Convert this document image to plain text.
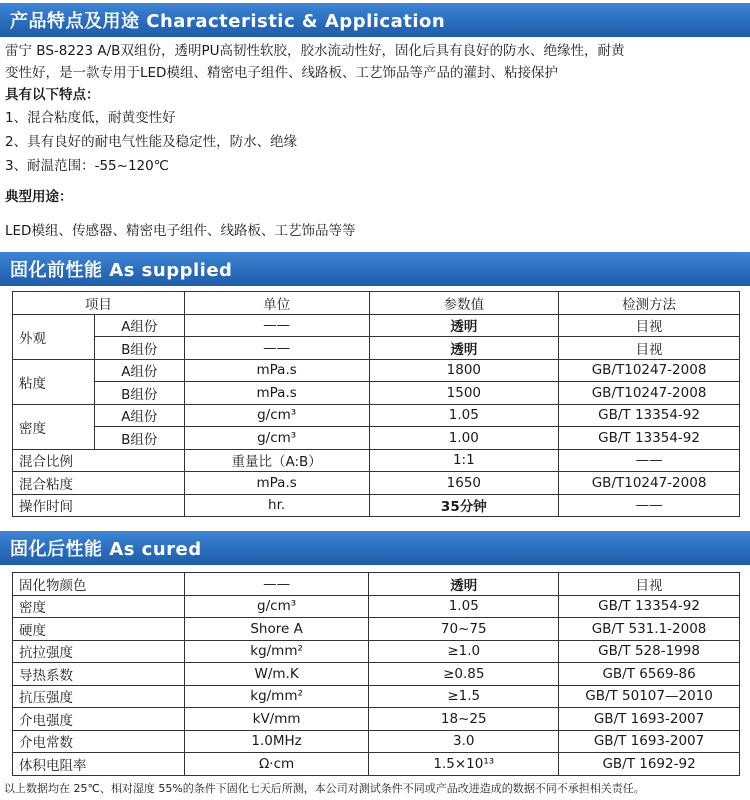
产品特点及用途 Characteristic & Application

雷宁 BS-8223 A/B双组份，透明PU高韧性软胶，胶水流动性好，固化后具有良好的防水、绝缘性，耐黄

变性好，是一款专用于LED模组、精密电子组件、线路板、工艺饰品等产品的灌封、粘接保护

具有以下特点：

1、混合粘度低，耐黄变性好

2、具有良好的耐电气性能及稳定性，防水、绝缘

3、耐温范围：-55~120℃

典型用途：

LED模组、传感器、精密电子组件、线路板、工艺饰品等等

固化前性能 As supplied
项目		单位	参数值	检测方法
外观	A组份	——	透明	目视
	B组份	——	透明	目视
粘度	A组份	mPa.s	1800	GB/T10247-2008
	B组份	mPa.s	1500	GB/T10247-2008
密度	A组份	g/cm³	1.05	GB/T 13354-92
	B组份	g/cm³	1.00	GB/T 13354-92
混合比例		重量比（A:B）	1:1	——
混合粘度		mPa.s	1650	GB/T10247-2008
操作时间		hr.	35分钟	——
固化后性能 As cured
固化物颜色	——	透明	目视
密度	g/cm³	1.05	GB/T 13354-92
硬度	Shore A	70~75	GB/T 531.1-2008
抗拉强度	kg/mm²	≥1.0	GB/T 528-1998
导热系数	W/m.K	≥0.85	GB/T 6569-86
抗压强度	kg/mm²	≥1.5	GB/T 50107—2010
介电强度	kV/mm	18~25	GB/T 1693-2007
介电常数	1.0MHz	3.0	GB/T 1693-2007
体积电阻率	Ω·cm	1.5×10¹³	GB/T 1692-92
以上数据均在 25℃、相对湿度 55%的条件下固化七天后所测，本公司对测试条件不同或产品改进造成的数据不同不承担相关责任。
